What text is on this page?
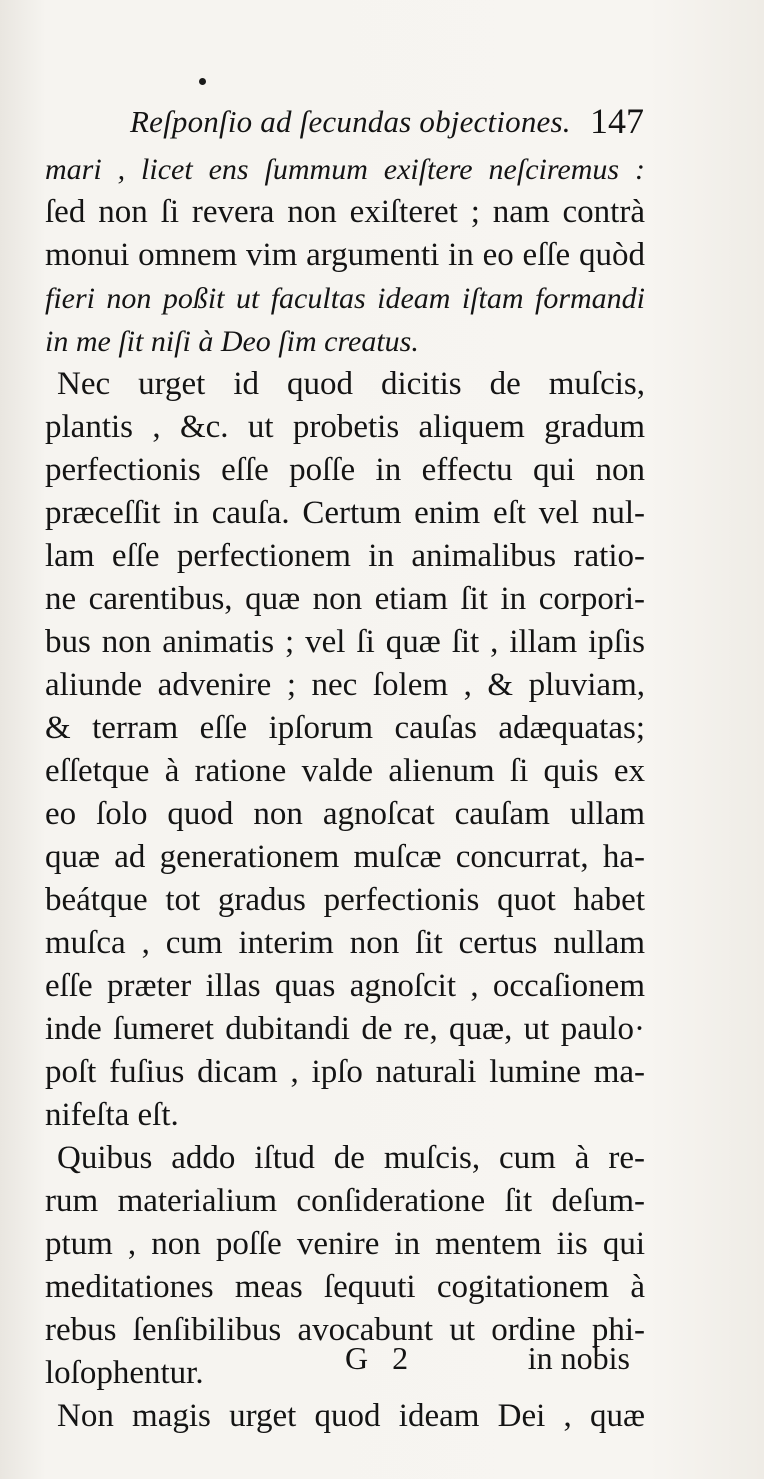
Reſponſio ad ſecundas objectiones. 147
mari , licet ens ſummum exiſtere neſciremus :
ſed non ſi revera non exiſteret ; nam contrà
monui omnem vim argumenti in eo eſſe quòd
fieri non poßit ut facultas ideam iſtam formandi
in me ſit niſi à Deo ſim creatus.
Nec urget id quod dicitis de muſcis,
plantis , &c. ut probetis aliquem gradum
perfectionis eſſe poſſe in effectu qui non
præceſſit in cauſa. Certum enim eſt vel nul-
lam eſſe perfectionem in animalibus ratio-
ne carentibus, quæ non etiam ſit in corpori-
bus non animatis ; vel ſi quæ ſit , illam ipſis
aliunde advenire ; nec ſolem , & pluviam,
& terram eſſe ipſorum cauſas adæquatas;
eſſetque à ratione valde alienum ſi quis ex
eo ſolo quod non agnoſcat cauſam ullam
quæ ad generationem muſcæ concurrat, ha-
beátque tot gradus perfectionis quot habet
muſca , cum interim non ſit certus nullam
eſſe præter illas quas agnoſcit , occaſionem
inde ſumeret dubitandi de re, quæ, ut paulo·
poſt fuſius dicam , ipſo naturali lumine ma-
nifeſta eſt.
Quibus addo iſtud de muſcis, cum à re-
rum materialium conſideratione ſit deſum-
ptum , non poſſe venire in mentem iis qui
meditationes meas ſequuti cogitationem à
rebus ſenſibilibus avocabunt ut ordine phi-
loſophentur.
Non magis urget quod ideam Dei , quæ
G 2	in nobis
